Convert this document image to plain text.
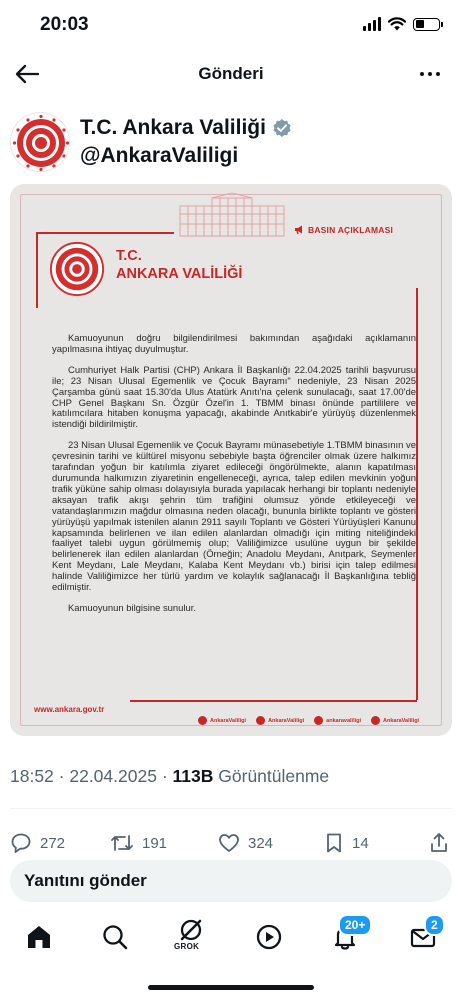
20:03
Gönderi
T.C. Ankara Valiliği
@AnkaraValiligi
BASIN AÇIKLAMASI
T.C.
ANKARA VALİLİĞİ

Kamuoyunun doğru bilgilendirilmesi bakımından aşağıdaki açıklamanın yapılmasına ihtiyaç duyulmuştur.

Cumhuriyet Halk Partisi (CHP) Ankara İl Başkanlığı 22.04.2025 tarihli başvurusu ile; 23 Nisan Ulusal Egemenlik ve Çocuk Bayramı" nedeniyle, 23 Nisan 2025 Çarşamba günü saat 15.30'da Ulus Atatürk Anıtı'na çelenk sunulacağı, saat 17.00'de CHP Genel Başkanı Sn. Özgür Özel'in 1. TBMM binası önünde partililere ve katılımcılara hitaben konuşma yapacağı, akabinde Anıtkabir'e yürüyüş düzenlenmek istendiği bildirilmiştir.

23 Nisan Ulusal Egemenlik ve Çocuk Bayramı münasebetiyle 1.TBMM binasının ve çevresinin tarihi ve kültürel misyonu sebebiyle başta öğrenciler olmak üzere halkımız tarafından yoğun bir katılımla ziyaret edileceği öngörülmekte, alanın kapatılması durumunda halkımızın ziyaretinin engelleneceği, ayrıca, talep edilen mevkinin yoğun trafik yüküne sahip olması dolayısıyla burada yapılacak herhangi bir toplantı nedeniyle aksayan trafik akışı şehrin tüm trafiğini olumsuz yönde etkileyeceği ve vatandaşlarımızın mağdur olmasına neden olacağı, bununla birlikte toplantı ve gösteri yürüyüşü yapılmak istenilen alanın 2911 sayılı Toplantı ve Gösteri Yürüyüşleri Kanunu kapsamında belirlenen ve ilan edilen alanlardan olmadığı için miting niteliğindeki faaliyet talebi uygun görülmemiş olup; Valiliğimizce usulüne uygun bir şekilde belirlenerek ilan edilen alanlardan (Örneğin; Anadolu Meydanı, Anıtpark, Seymenler Kent Meydanı, Lale Meydanı, Kalaba Kent Meydanı vb.) birisi için talep edilmesi halinde Valiliğimizce her türlü yardım ve kolaylık sağlanacağı İl Başkanlığına tebliğ edilmiştir.

Kamuoyunun bilgisine sunulur.

www.ankara.gov.tr
AnkaraValiligi	AnkaraValiligi	ankaravaliligi	AnkaraValiligi
18:52 · 22.04.2025 · 113B Görüntülenme
272	191	324	14
Yanıtını gönder
GROK
20+	2
